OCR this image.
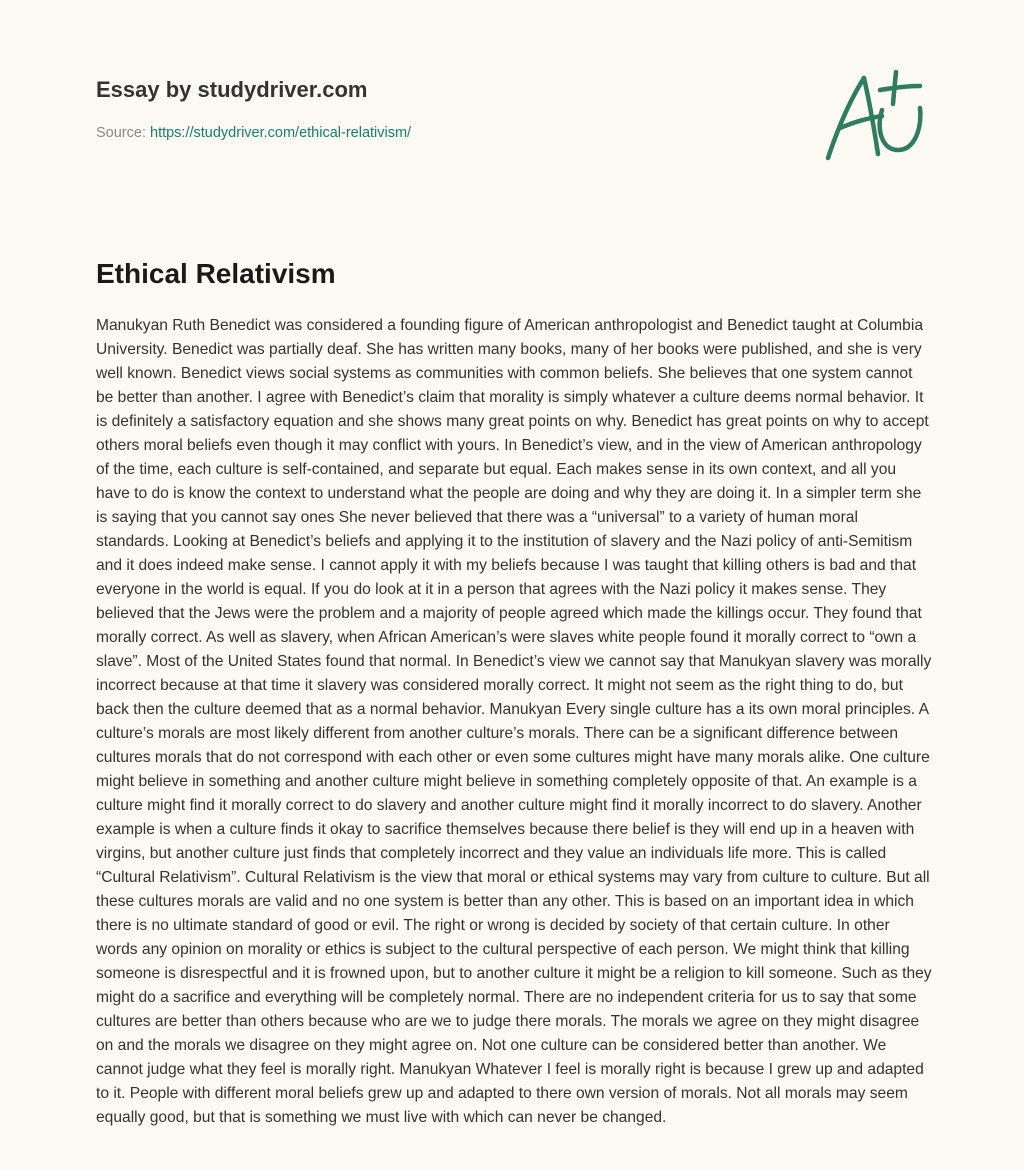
Essay by studydriver.com
Source: https://studydriver.com/ethical-relativism/
Ethical Relativism

Manukyan Ruth Benedict was considered a founding figure of American anthropologist and Benedict taught at Columbia University. Benedict was partially deaf. She has written many books, many of her books were published, and she is very well known. Benedict views social systems as communities with common beliefs. She believes that one system cannot be better than another. I agree with Benedict’s claim that morality is simply whatever a culture deems normal behavior. It is definitely a satisfactory equation and she shows many great points on why. Benedict has great points on why to accept others moral beliefs even though it may conflict with yours. In Benedict’s view, and in the view of American anthropology of the time, each culture is self-contained, and separate but equal. Each makes sense in its own context, and all you have to do is know the context to understand what the people are doing and why they are doing it. In a simpler term she is saying that you cannot say ones She never believed that there was a “universal” to a variety of human moral standards. Looking at Benedict’s beliefs and applying it to the institution of slavery and the Nazi policy of anti-Semitism and it does indeed make sense. I cannot apply it with my beliefs because I was taught that killing others is bad and that everyone in the world is equal. If you do look at it in a person that agrees with the Nazi policy it makes sense. They believed that the Jews were the problem and a majority of people agreed which made the killings occur. They found that morally correct. As well as slavery, when African American’s were slaves white people found it morally correct to “own a slave”. Most of the United States found that normal. In Benedict’s view we cannot say that Manukyan slavery was morally incorrect because at that time it slavery was considered morally correct. It might not seem as the right thing to do, but back then the culture deemed that as a normal behavior. Manukyan Every single culture has a its own moral principles. A culture’s morals are most likely different from another culture’s morals. There can be a significant difference between cultures morals that do not correspond with each other or even some cultures might have many morals alike. One culture might believe in something and another culture might believe in something completely opposite of that. An example is a culture might find it morally correct to do slavery and another culture might find it morally incorrect to do slavery. Another example is when a culture finds it okay to sacrifice themselves because there belief is they will end up in a heaven with virgins, but another culture just finds that completely incorrect and they value an individuals life more. This is called “Cultural Relativism”. Cultural Relativism is the view that moral or ethical systems may vary from culture to culture. But all these cultures morals are valid and no one system is better than any other. This is based on an important idea in which there is no ultimate standard of good or evil. The right or wrong is decided by society of that certain culture. In other words any opinion on morality or ethics is subject to the cultural perspective of each person. We might think that killing someone is disrespectful and it is frowned upon, but to another culture it might be a religion to kill someone. Such as they might do a sacrifice and everything will be completely normal. There are no independent criteria for us to say that some cultures are better than others because who are we to judge there morals. The morals we agree on they might disagree on and the morals we disagree on they might agree on. Not one culture can be considered better than another. We cannot judge what they feel is morally right. Manukyan Whatever I feel is morally right is because I grew up and adapted to it. People with different moral beliefs grew up and adapted to there own version of morals. Not all morals may seem equally good, but that is something we must live with which can never be changed.
